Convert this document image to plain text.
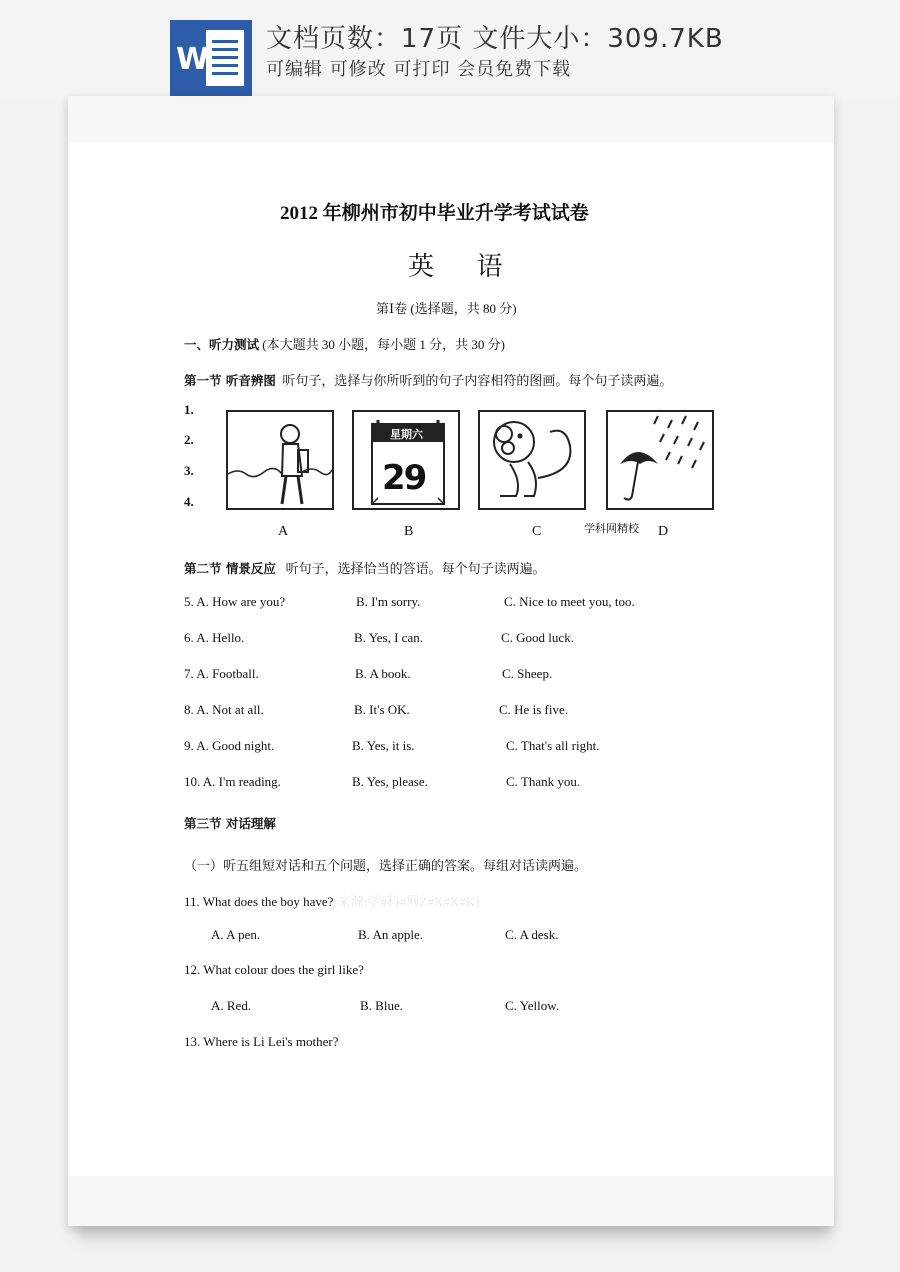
W
文档页数：17页 文件大小：309.7KB
可编辑 可修改 可打印 会员免费下载
2012 年柳州市初中毕业升学考试试卷
英 语
第Ⅰ卷 (选择题，共 80 分)
一、听力测试 (本大题共 30 小题，每小题 1 分，共 30 分)
第一节 听音辨图 听句子，选择与你所听到的句子内容相符的图画。每个句子读两遍。
1.
2.
3.
4.
星期六
29
A	B	C	学科网精校 D
第二节 情景反应 听句子，选择恰当的答语。每个句子读两遍。
5. A. How are you?	B. I'm sorry.	C. Nice to meet you, too.
6. A. Hello.	B. Yes, I can.	C. Good luck.
7. A. Football.	B. A book.	C. Sheep.
8. A. Not at all.	B. It's OK.	C. He is five.
9. A. Good night.	B. Yes, it is.	C. That's all right.
10. A. I'm reading.	B. Yes, please.	C. Thank you.
第三节 对话理解
（一）听五组短对话和五个问题，选择正确的答案。每组对话读两遍。
11. What does the boy have?[来源:学#科#网Z#X#X#K]
A. A pen.	B. An apple.	C. A desk.
12. What colour does the girl like?
A. Red.	B. Blue.	C. Yellow.
13. Where is Li Lei's mother?
